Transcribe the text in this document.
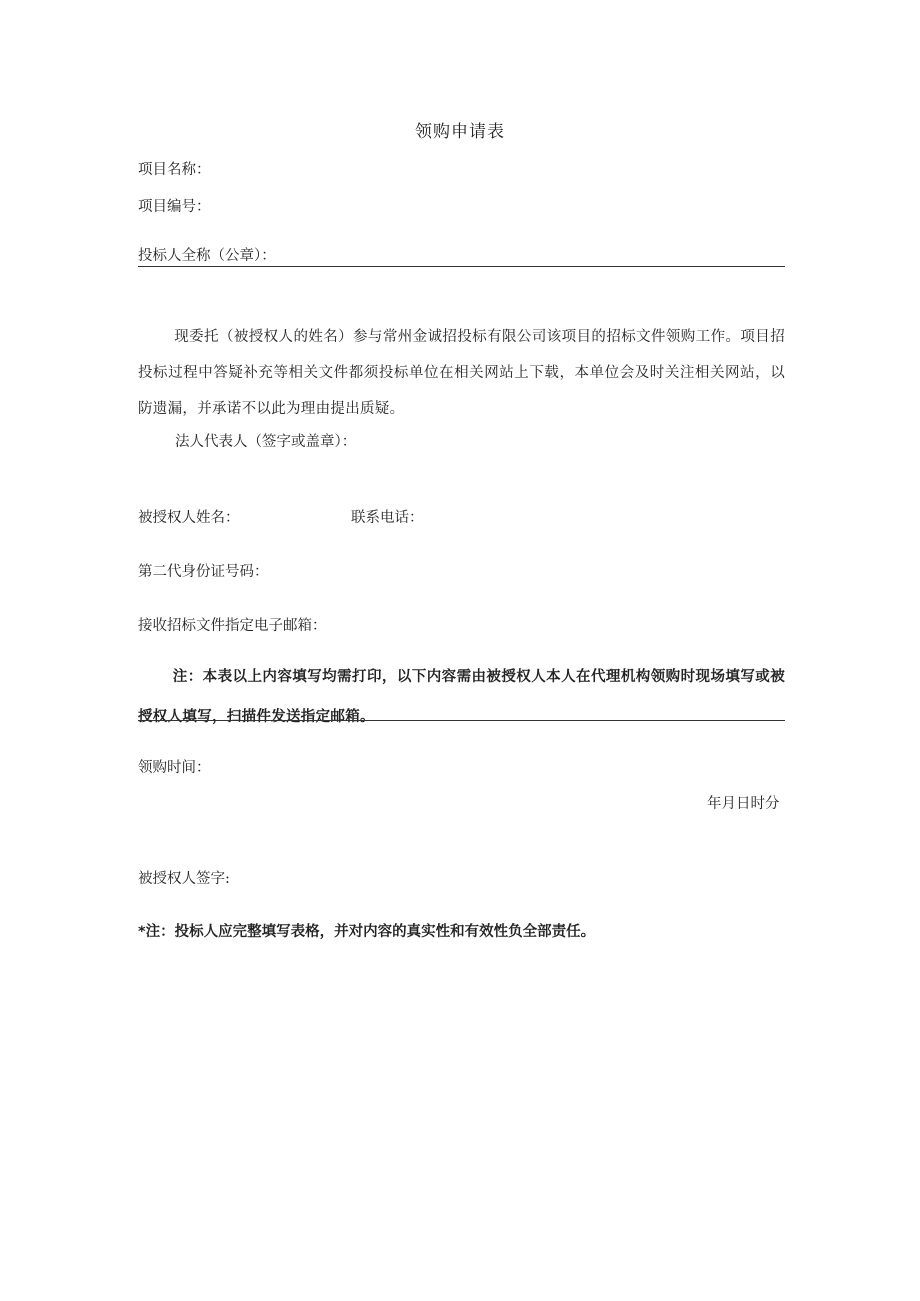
领购申请表
项目名称：
项目编号：
投标人全称（公章）：
现委托（被授权人的姓名）参与常州金诚招投标有限公司该项目的招标文件领购工作。项目招投标过程中答疑补充等相关文件都须投标单位在相关网站上下载，本单位会及时关注相关网站，以防遗漏，并承诺不以此为理由提出质疑。
法人代表人（签字或盖章）：
被授权人姓名：	联系电话：
第二代身份证号码：
接收招标文件指定电子邮箱：
注：本表以上内容填写均需打印，以下内容需由被授权人本人在代理机构领购时现场填写或被授权人填写，扫描件发送指定邮箱。
领购时间：
年月日时分
被授权人签字:
*注：投标人应完整填写表格，并对内容的真实性和有效性负全部责任。
